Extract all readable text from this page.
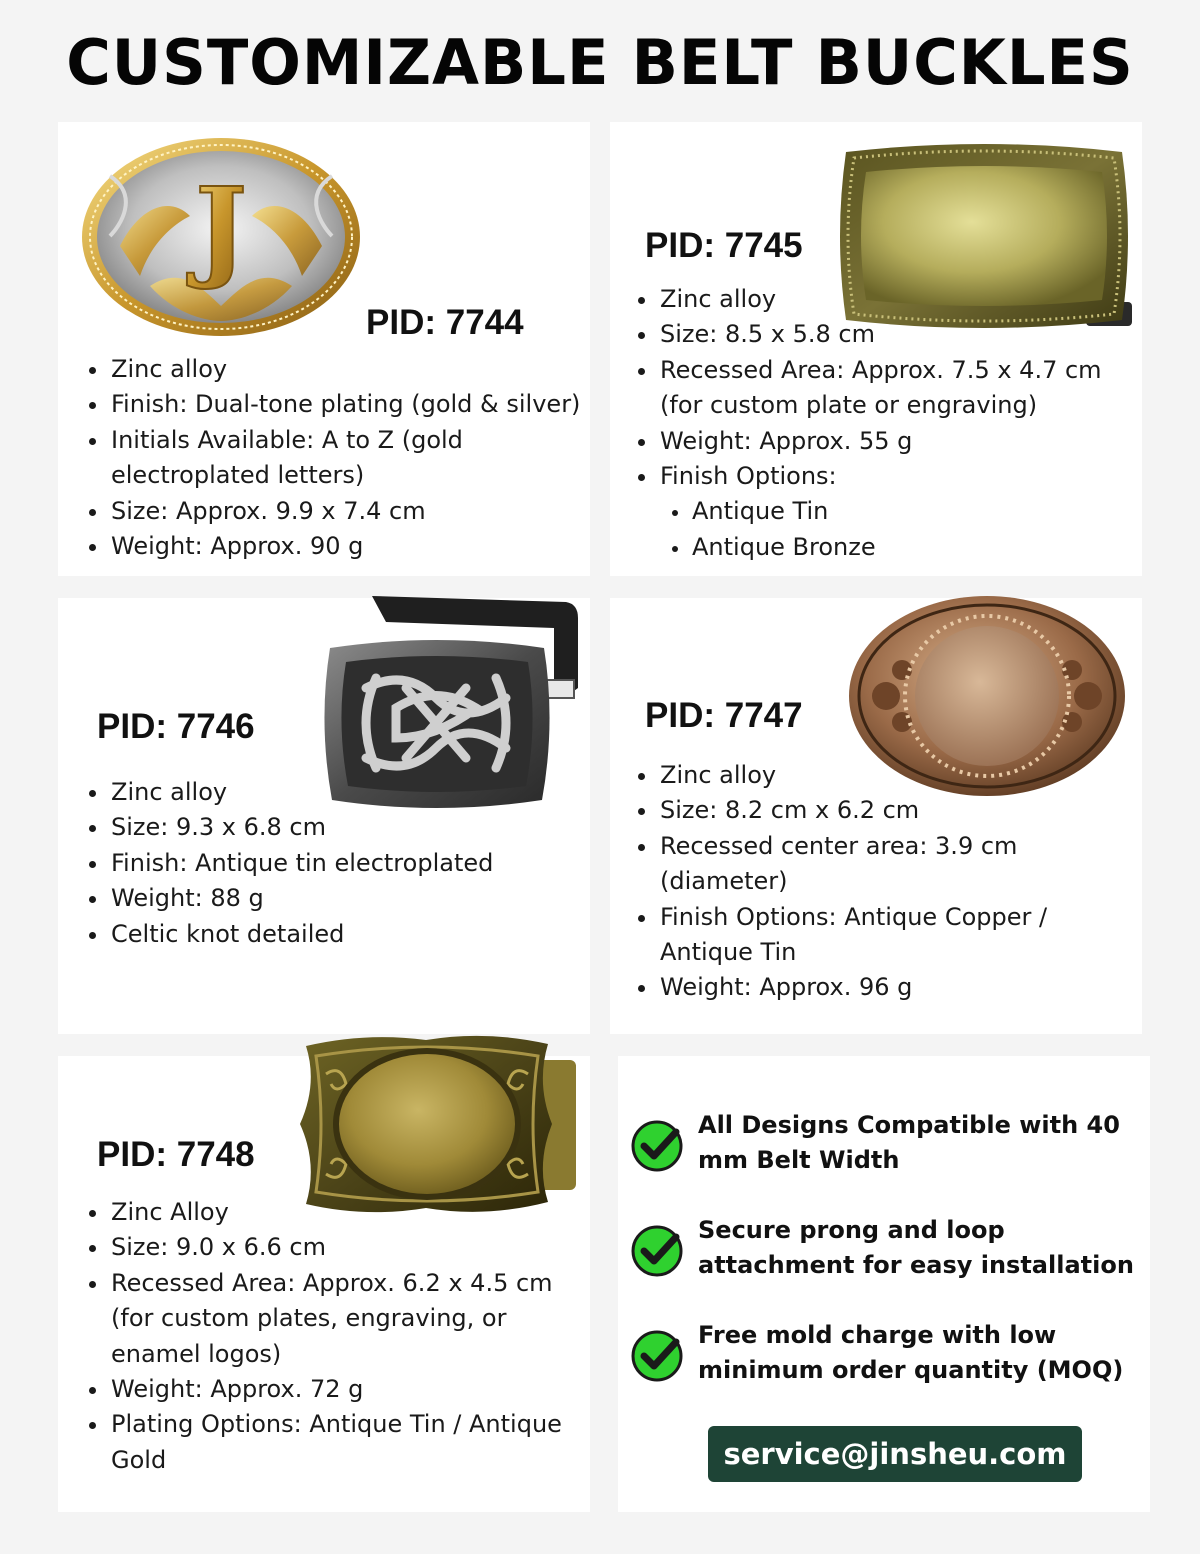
CUSTOMIZABLE BELT BUCKLES
J
PID: 7744
Zinc alloy
Finish: Dual-tone plating (gold & silver)
Initials Available: A to Z (gold
electroplated letters)
Size: Approx. 9.9 x 7.4 cm
Weight: Approx. 90 g
PID: 7745
Zinc alloy
Size: 8.5 x 5.8 cm
Recessed Area: Approx. 7.5 x 4.7 cm
(for custom plate or engraving)
Weight: Approx. 55 g
Finish Options:
Antique Tin
Antique Bronze
PID: 7746
Zinc alloy
Size: 9.3 x 6.8 cm
Finish: Antique tin electroplated
Weight: 88 g
Celtic knot detailed
PID: 7747
Zinc alloy
Size: 8.2 cm x 6.2 cm
Recessed center area: 3.9 cm
(diameter)
Finish Options: Antique Copper /
Antique Tin
Weight: Approx. 96 g
PID: 7748
Zinc Alloy
Size: 9.0 x 6.6 cm
Recessed Area: Approx. 6.2 x 4.5 cm
(for custom plates, engraving, or
enamel logos)
Weight: Approx. 72 g
Plating Options: Antique Tin / Antique
Gold
All Designs Compatible with 40
mm Belt Width
Secure prong and loop
attachment for easy installation
Free mold charge with low
minimum order quantity (MOQ)
service@jinsheu.com
